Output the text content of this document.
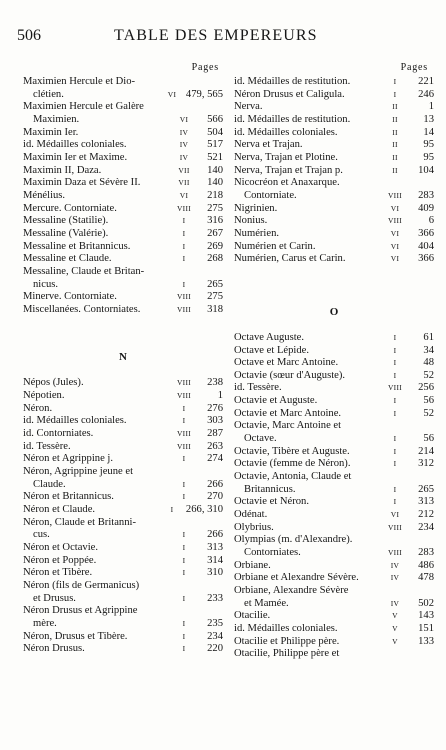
506	TABLE DES EMPEREURS
Pages
Maximien Hercule et Dio-
clétien.	VI 479, 565
Maximien Hercule et Galère
Maximien.	VI	566
Maximin Ier.	IV	504
id. Médailles coloniales.	IV	517
Maximin Ier et Maxime.	IV	521
Maximin II, Daza.	VII	140
Maximin Daza et Sévère II.	VII	140
Ménélius.	VI	218
Mercure. Contorniate.	VIII	275
Messaline (Statilie).	I	316
Messaline (Valérie).	I	267
Messaline et Britannicus.	I	269
Messaline et Claude.	I	268
Messaline, Claude et Britan-
nicus.	I	265
Minerve. Contorniate.	VIII	275
Miscellanées. Contorniates.	VIII	318
N
Népos (Jules).	VIII	238
Népotien.	VIII	1
Néron.	I	276
id. Médailles coloniales.	I	303
id. Contorniates.	VIII	287
id. Tessère.	VIII	263
Néron et Agrippine j.	I	274
Néron, Agrippine jeune et
Claude.	I	266
Néron et Britannicus.	I	270
Néron et Claude.	I	266, 310
Néron, Claude et Britanni-
cus.	I	266
Néron et Octavie.	I	313
Néron et Poppée.	I	314
Néron et Tibère.	I	310
Néron (fils de Germanicus)
et Drusus.	I	233
Néron Drusus et Agrippine
mère.	I	235
Néron, Drusus et Tibère.	I	234
Néron Drusus.	I	220
Pages
id. Médailles de restitution.	I	221
Néron Drusus et Caligula.	I	246
Nerva.	II	1
id. Médailles de restitution.	II	13
id. Médailles coloniales.	II	14
Nerva et Trajan.	II	95
Nerva, Trajan et Plotine.	II	95
Nerva, Trajan et Trajan p.	II	104
Nicocréon et Anaxarque.
Contorniate.	VIII	283
Nigrinien.	VI	409
Nonius.	VIII	6
Numérien.	VI	366
Numérien et Carin.	VI	404
Numérien, Carus et Carin.	VI	366
O
Octave Auguste.	I	61
Octave et Lépide.	I	34
Octave et Marc Antoine.	I	48
Octavie (sœur d'Auguste).	I	52
id. Tessère.	VIII	256
Octavie et Auguste.	I	56
Octavie et Marc Antoine.	I	52
Octavie, Marc Antoine et
Octave.	I	56
Octavie, Tibère et Auguste.	I	214
Octavie (femme de Néron).	I	312
Octavie, Antonia, Claude et
Britannicus.	I	265
Octavie et Néron.	I	313
Odénat.	VI	212
Olybrius.	VIII	234
Olympias (m. d'Alexandre).
Contorniates.	VIII	283
Orbiane.	IV	486
Orbiane et Alexandre Sévère.	IV	478
Orbiane, Alexandre Sévère
et Mamée.	IV	502
Otacilie.	V	143
id. Médailles coloniales.	V	151
Otacilie et Philippe père.	V	133
Otacilie, Philippe père et
